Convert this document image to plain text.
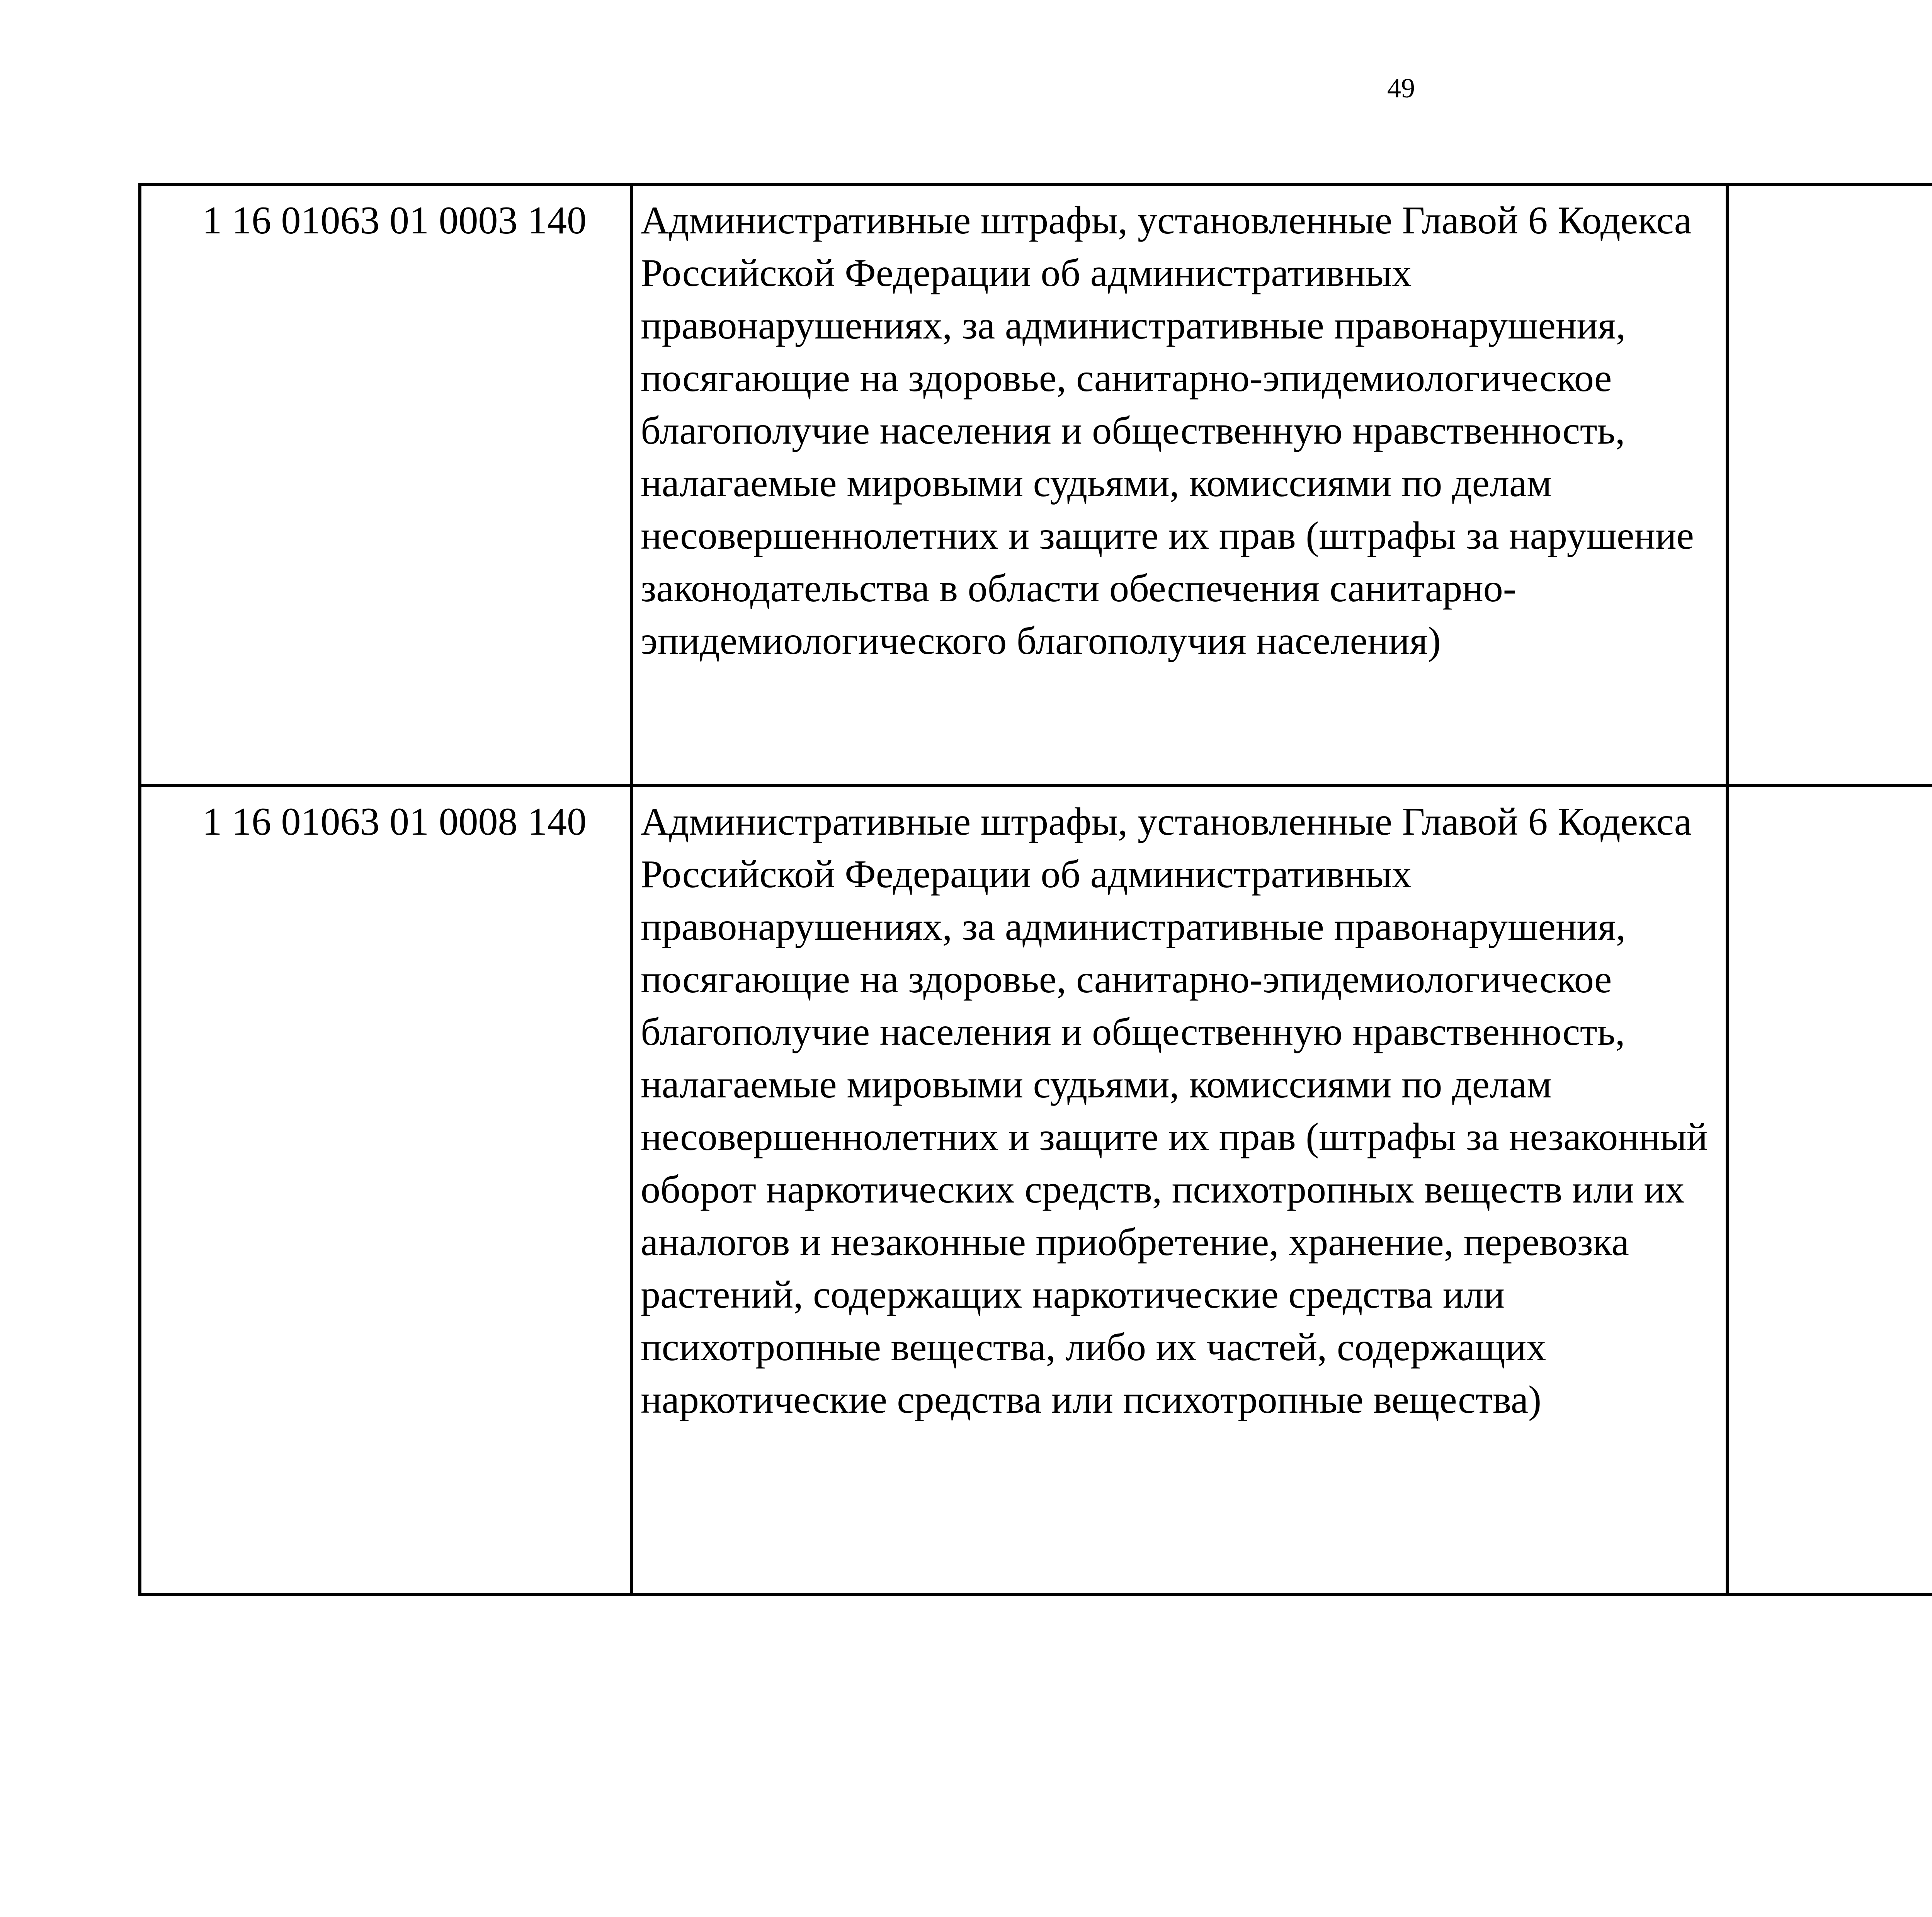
49
1 16 01063 01 0003 140	Административные штрафы, установленные Главой 6 Кодекса Российской Федерации об административных правонарушениях, за административные правонарушения, посягающие на здоровье, санитарно-эпидемиологическое благополучие населения и общественную нравственность, налагаемые мировыми судьями, комиссиями по делам несовершеннолетних и защите их прав (штрафы за нарушение законодательства в области обеспечения санитарно-эпидемиологического благополучия населения)			
1 16 01063 01 0008 140	Административные штрафы, установленные Главой 6 Кодекса Российской Федерации об административных правонарушениях, за административные правонарушения, посягающие на здоровье, санитарно-эпидемиологическое благополучие населения и общественную нравственность, налагаемые мировыми судьями, комиссиями по делам несовершеннолетних и защите их прав (штрафы за незаконный оборот наркотических средств, психотропных веществ или их аналогов и незаконные приобретение, хранение, перевозка растений, содержащих наркотические средства или психотропные вещества, либо их частей, содержащих наркотические средства или психотропные вещества)			
